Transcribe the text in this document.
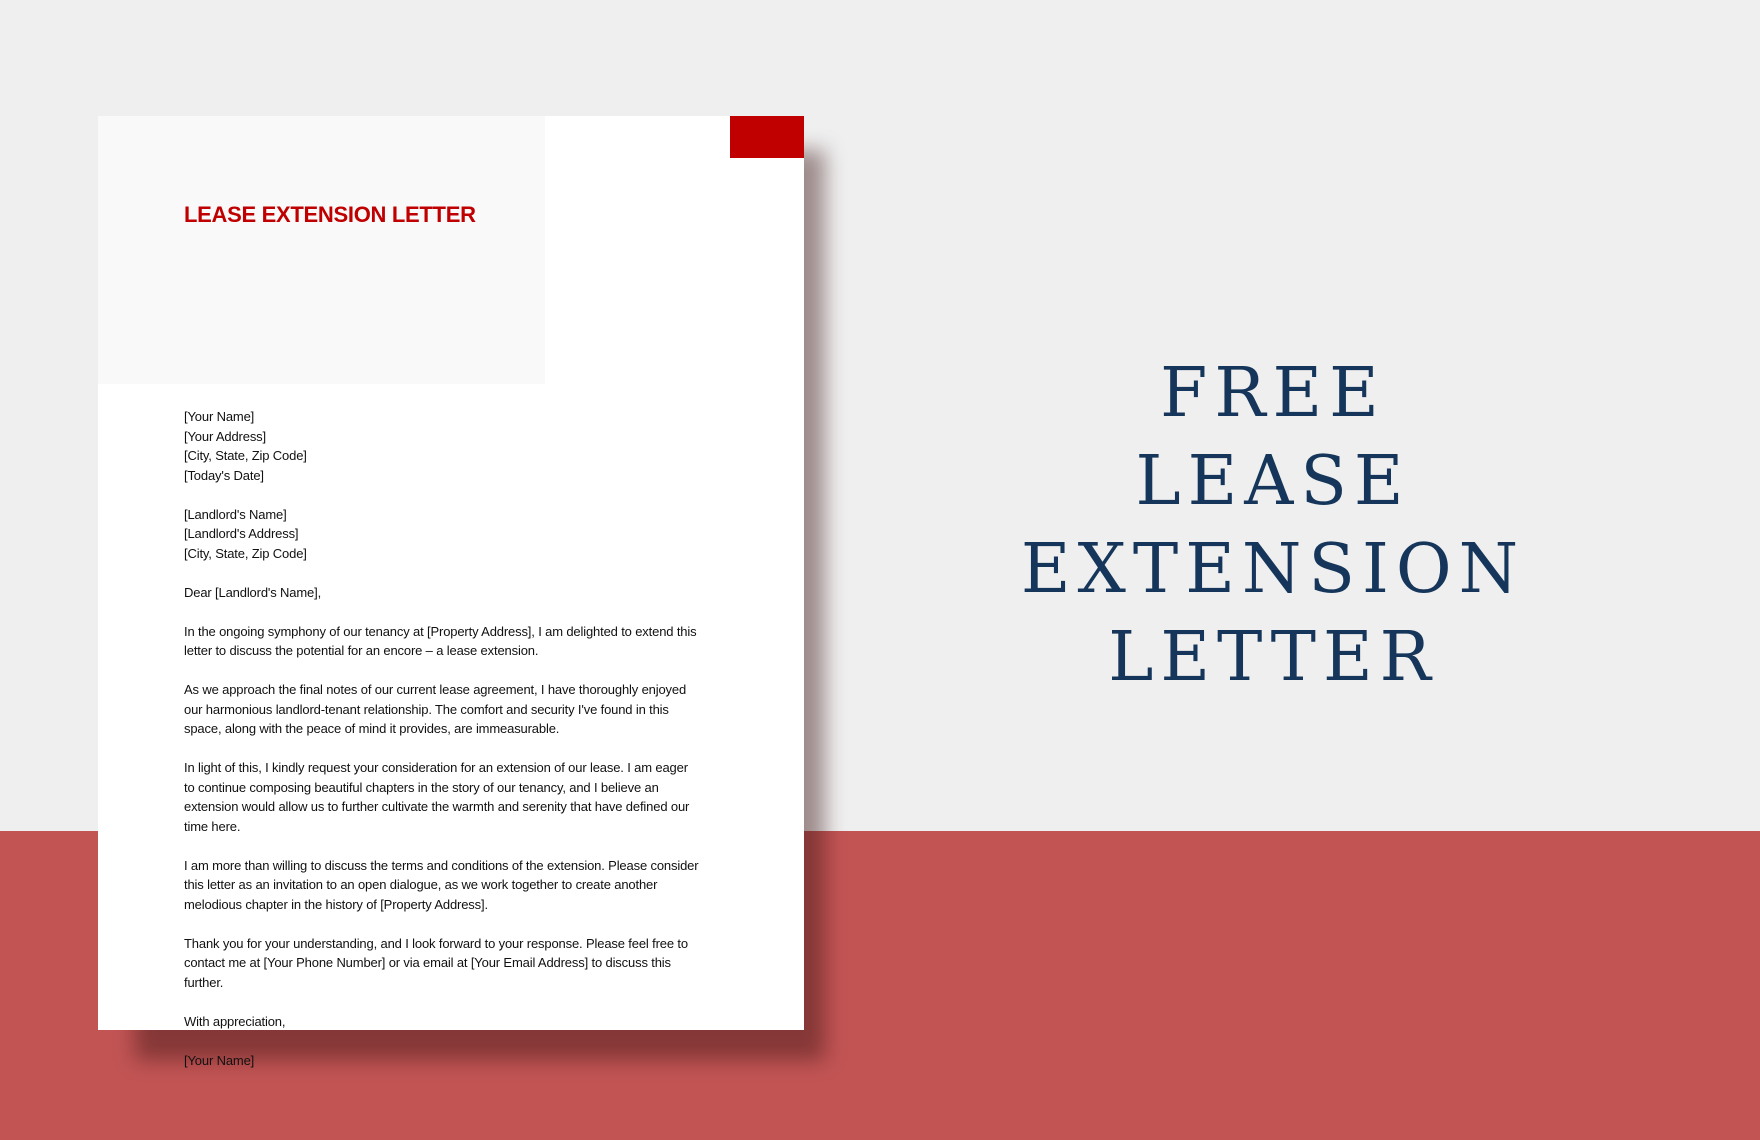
LEASE EXTENSION LETTER
[Your Name]
[Your Address]
[City, State, Zip Code]
[Today's Date]
[Landlord's Name]
[Landlord's Address]
[City, State, Zip Code]
Dear [Landlord's Name],
In the ongoing symphony of our tenancy at [Property Address], I am delighted to extend this
letter to discuss the potential for an encore – a lease extension.
As we approach the final notes of our current lease agreement, I have thoroughly enjoyed
our harmonious landlord-tenant relationship. The comfort and security I've found in this
space, along with the peace of mind it provides, are immeasurable.
In light of this, I kindly request your consideration for an extension of our lease. I am eager
to continue composing beautiful chapters in the story of our tenancy, and I believe an
extension would allow us to further cultivate the warmth and serenity that have defined our
time here.
I am more than willing to discuss the terms and conditions of the extension. Please consider
this letter as an invitation to an open dialogue, as we work together to create another
melodious chapter in the history of [Property Address].
Thank you for your understanding, and I look forward to your response. Please feel free to
contact me at [Your Phone Number] or via email at [Your Email Address] to discuss this
further.
With appreciation,
[Your Name]
FREE
LEASE
EXTENSION
LETTER
